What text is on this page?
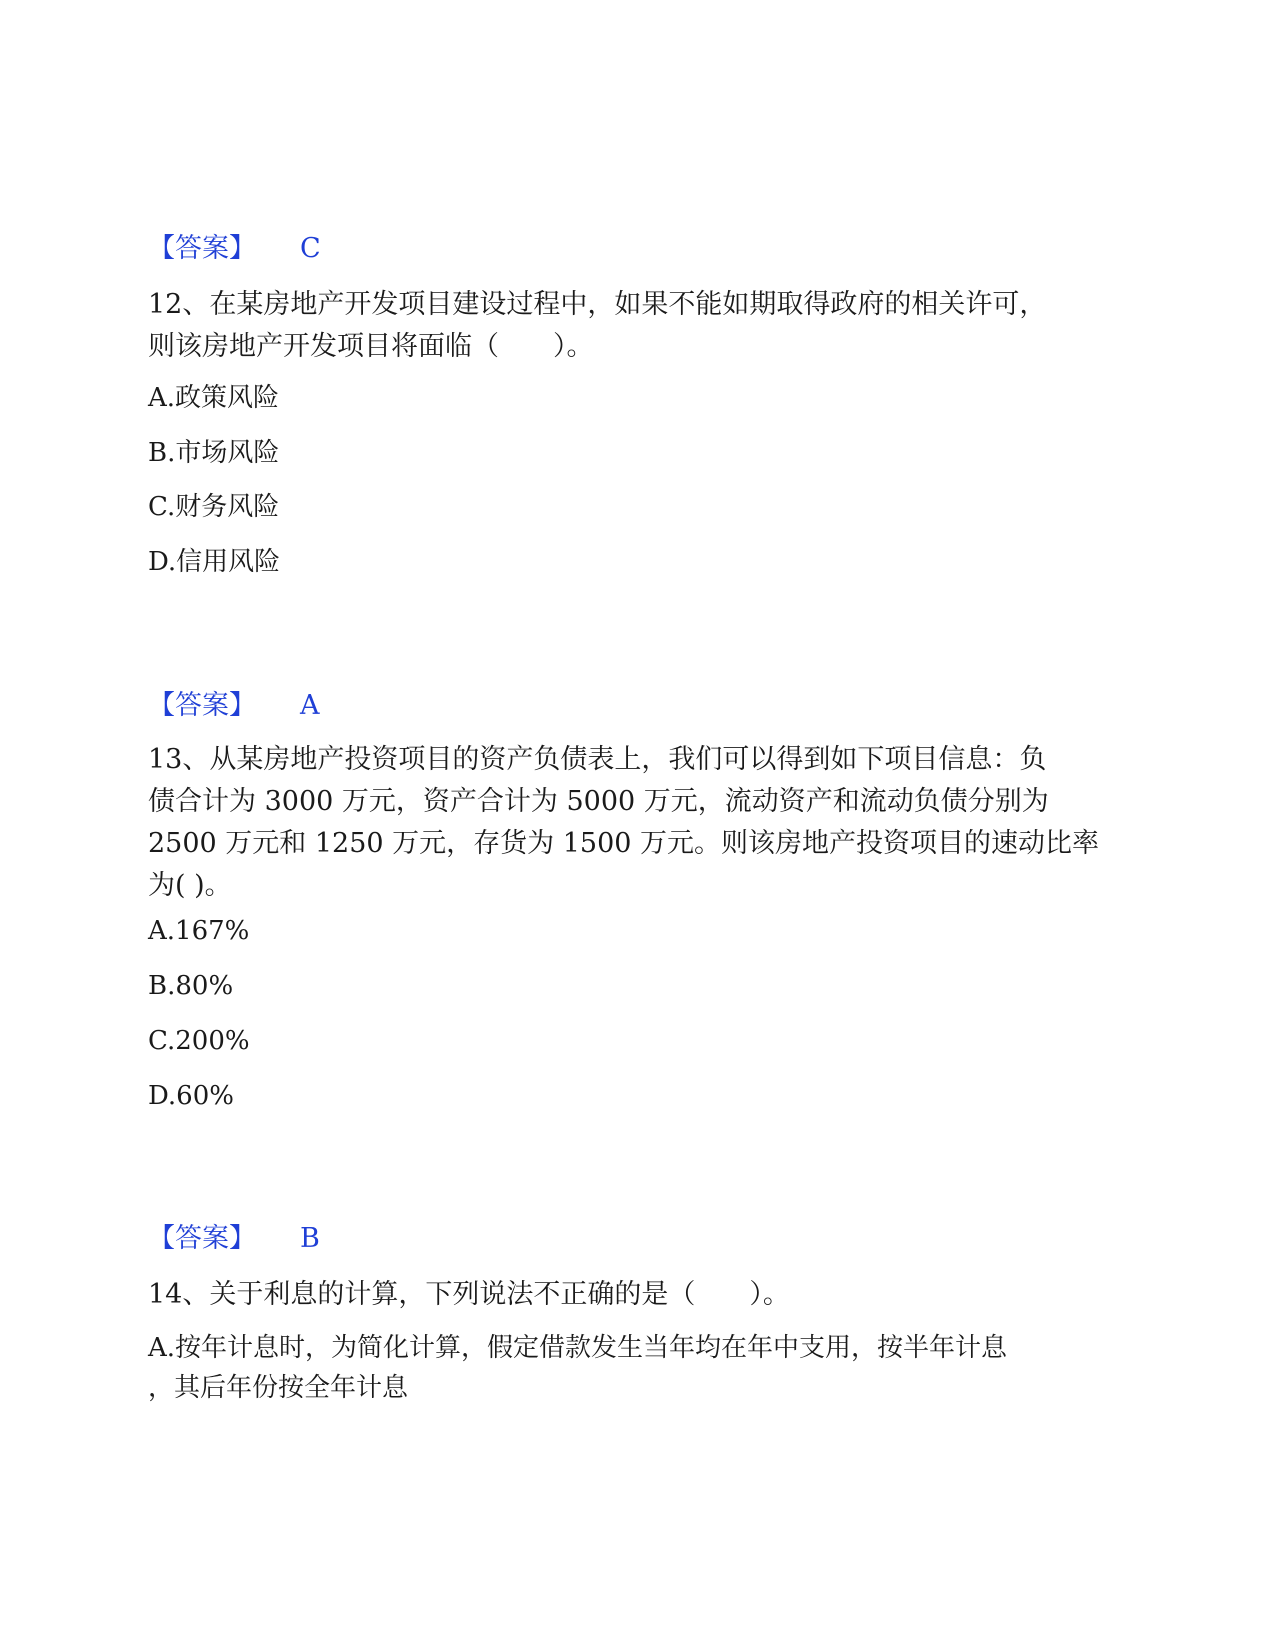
【答案】 C
12、在某房地产开发项目建设过程中，如果不能如期取得政府的相关许可，
则该房地产开发项目将面临（　　）。
A.政策风险
B.市场风险
C.财务风险
D.信用风险
【答案】 A
13、从某房地产投资项目的资产负债表上，我们可以得到如下项目信息：负
债合计为 3000 万元，资产合计为 5000 万元，流动资产和流动负债分别为
2500 万元和 1250 万元，存货为 1500 万元。则该房地产投资项目的速动比率
为( )。
A.167%
B.80%
C.200%
D.60%
【答案】 B
14、关于利息的计算，下列说法不正确的是（　　）。
A.按年计息时，为简化计算，假定借款发生当年均在年中支用，按半年计息
，其后年份按全年计息
